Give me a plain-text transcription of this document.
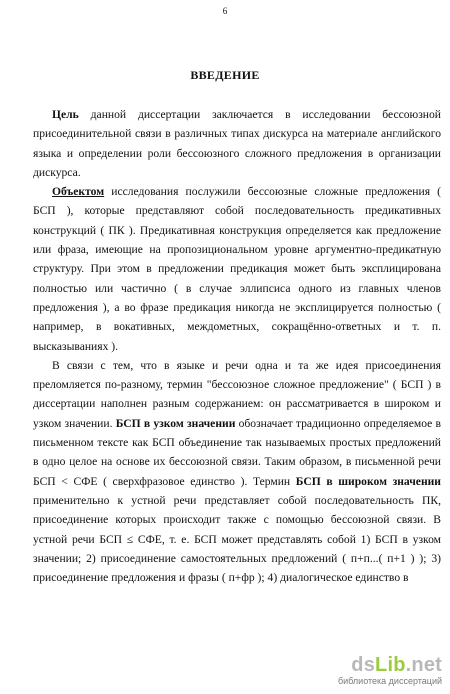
6
ВВЕДЕНИЕ

Цель данной диссертации заключается в исследовании бессоюзной присоединительной связи в различных типах дискурса на материале английского языка и определении роли бессоюзного сложного предложения в организации дискурса.

Объектом исследования послужили бессоюзные сложные предложения ( БСП ), которые представляют собой последовательность предикативных конструкций ( ПК ). Предикативная конструкция определяется как предложение или фраза, имеющие на пропозициональном уровне аргументно-предикатную структуру. При этом в предложении предикация может быть эксплицирована полностью или частично ( в случае эллипсиса одного из главных членов предложения ), а во фразе предикация никогда не эксплицируется полностью ( например, в вокативных, междометных, сокращённо-ответных и т. п. высказываниях ).

В связи с тем, что в языке и речи одна и та же идея присоединения преломляется по-разному, термин "бессоюзное сложное предложение" ( БСП ) в диссертации наполнен разным содержанием: он рассматривается в широком и узком значении. БСП в узком значении обозначает традиционно определяемое в письменном тексте как БСП объединение так называемых простых предложений в одно целое на основе их бессоюзной связи. Таким образом, в письменной речи БСП < СФЕ ( сверхфразовое единство ). Термин БСП в широком значении применительно к устной речи представляет собой последовательность ПК, присоединение которых происходит также с помощью бессоюзной связи. В устной речи БСП ≤ СФЕ, т. е. БСП может представлять собой 1) БСП в узком значении; 2) присоединение самостоятельных предложений ( п+п...( п+1 ) ); 3) присоединение предложения и фразы ( п+фр ); 4) диалогическое единство в

dsLib.net
библиотека диссертаций
